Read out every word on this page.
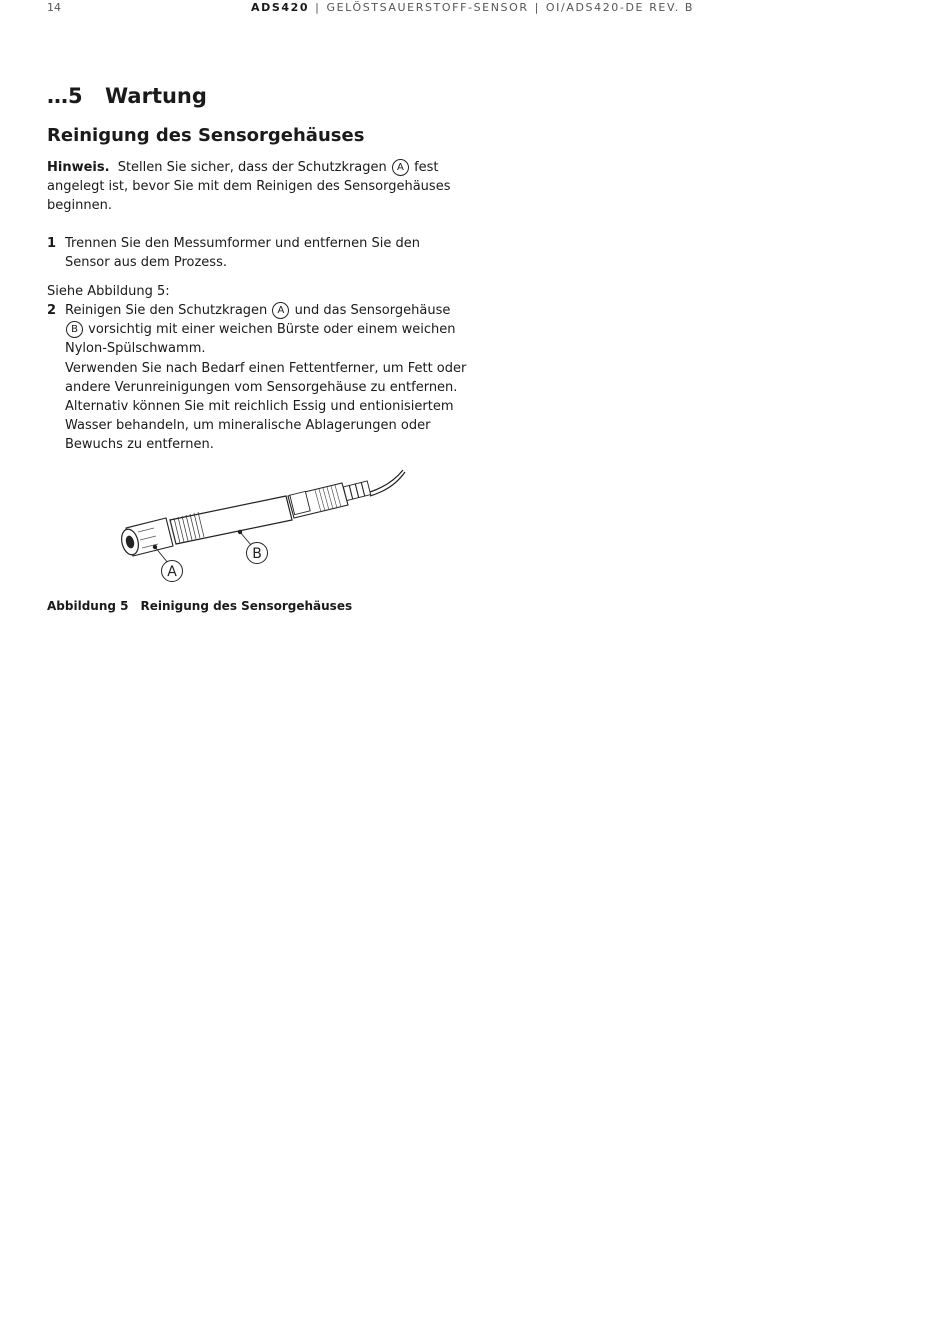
14	ADS420 | GELÖSTSAUERSTOFF-SENSOR | OI/ADS420-DE REV. B
…5 Wartung
Reinigung des Sensorgehäuses
Hinweis. Stellen Sie sicher, dass der Schutzkragen A fest angelegt ist, bevor Sie mit dem Reinigen des Sensorgehäuses beginnen.
1 Trennen Sie den Messumformer und entfernen Sie den Sensor aus dem Prozess.
Siehe Abbildung 5:
2 Reinigen Sie den Schutzkragen A und das Sensorgehäuse B vorsichtig mit einer weichen Bürste oder einem weichen Nylon-Spülschwamm.
Verwenden Sie nach Bedarf einen Fettentferner, um Fett oder andere Verunreinigungen vom Sensorgehäuse zu entfernen. Alternativ können Sie mit reichlich Essig und entionisiertem Wasser behandeln, um mineralische Ablagerungen oder Bewuchs zu entfernen.
A
B
Abbildung 5 Reinigung des Sensorgehäuses
